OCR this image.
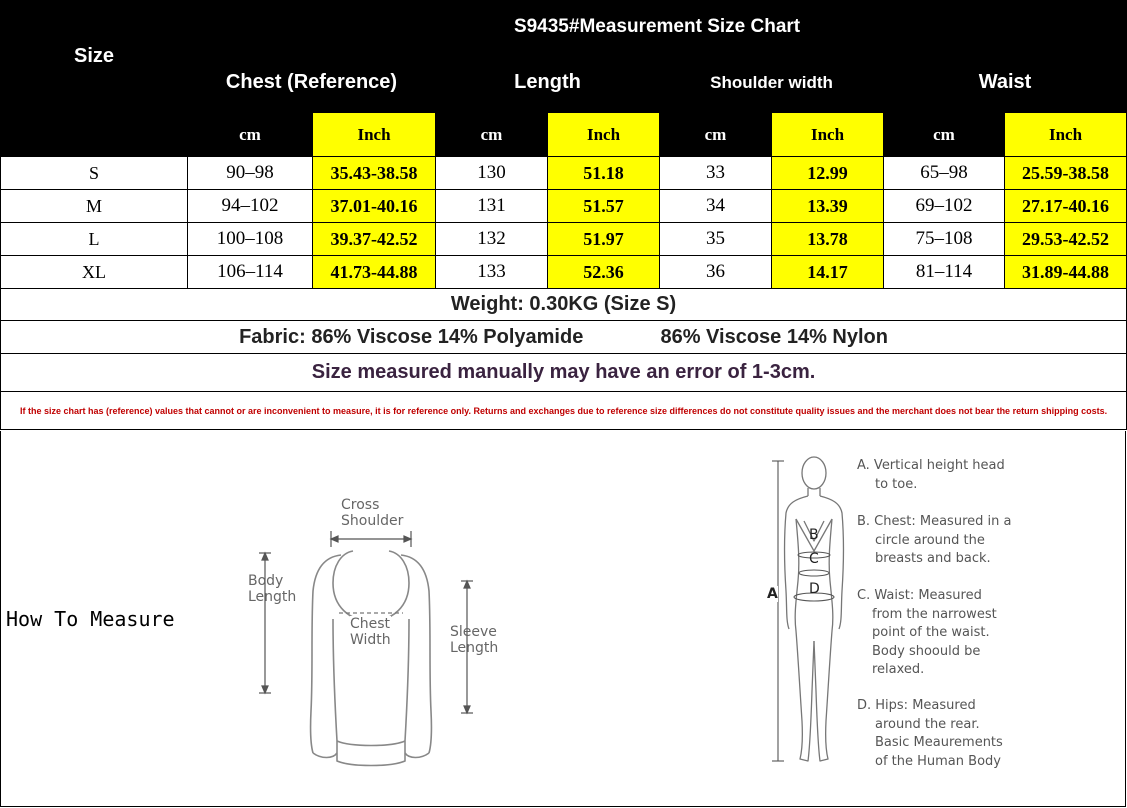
Size	S9435#Measurement Size Chart							
	Chest (Reference)		Length		Shoulder width		Waist	
	cm	Inch	cm	Inch	cm	Inch	cm	Inch
S	90–98	35.43-38.58	130	51.18	33	12.99	65–98	25.59-38.58
M	94–102	37.01-40.16	131	51.57	34	13.39	69–102	27.17-40.16
L	100–108	39.37-42.52	132	51.97	35	13.78	75–108	29.53-42.52
XL	106–114	41.73-44.88	133	52.36	36	14.17	81–114	31.89-44.88
Weight: 0.30KG (Size S)								
Fabric: 86% Viscose 14% Polyamide 86% Viscose 14% Nylon								
Size measured manually may have an error of 1-3cm.								
If the size chart has (reference) values that cannot or are inconvenient to measure, it is for reference only. Returns and exchanges due to reference size differences do not constitute quality issues and the merchant does not bear the return shipping costs.								
How To Measure
Cross
Shoulder
Body
Length
Chest
Width	Sleeve
Length
A
B
C
D
A. Vertical height head
to toe.
B. Chest: Measured in a
circle around the
breasts and back.
C. Waist: Measured
from the narrowest
point of the waist.
Body shoould be
relaxed.
D. Hips: Measured
around the rear.
Basic Meaurements
of the Human Body
